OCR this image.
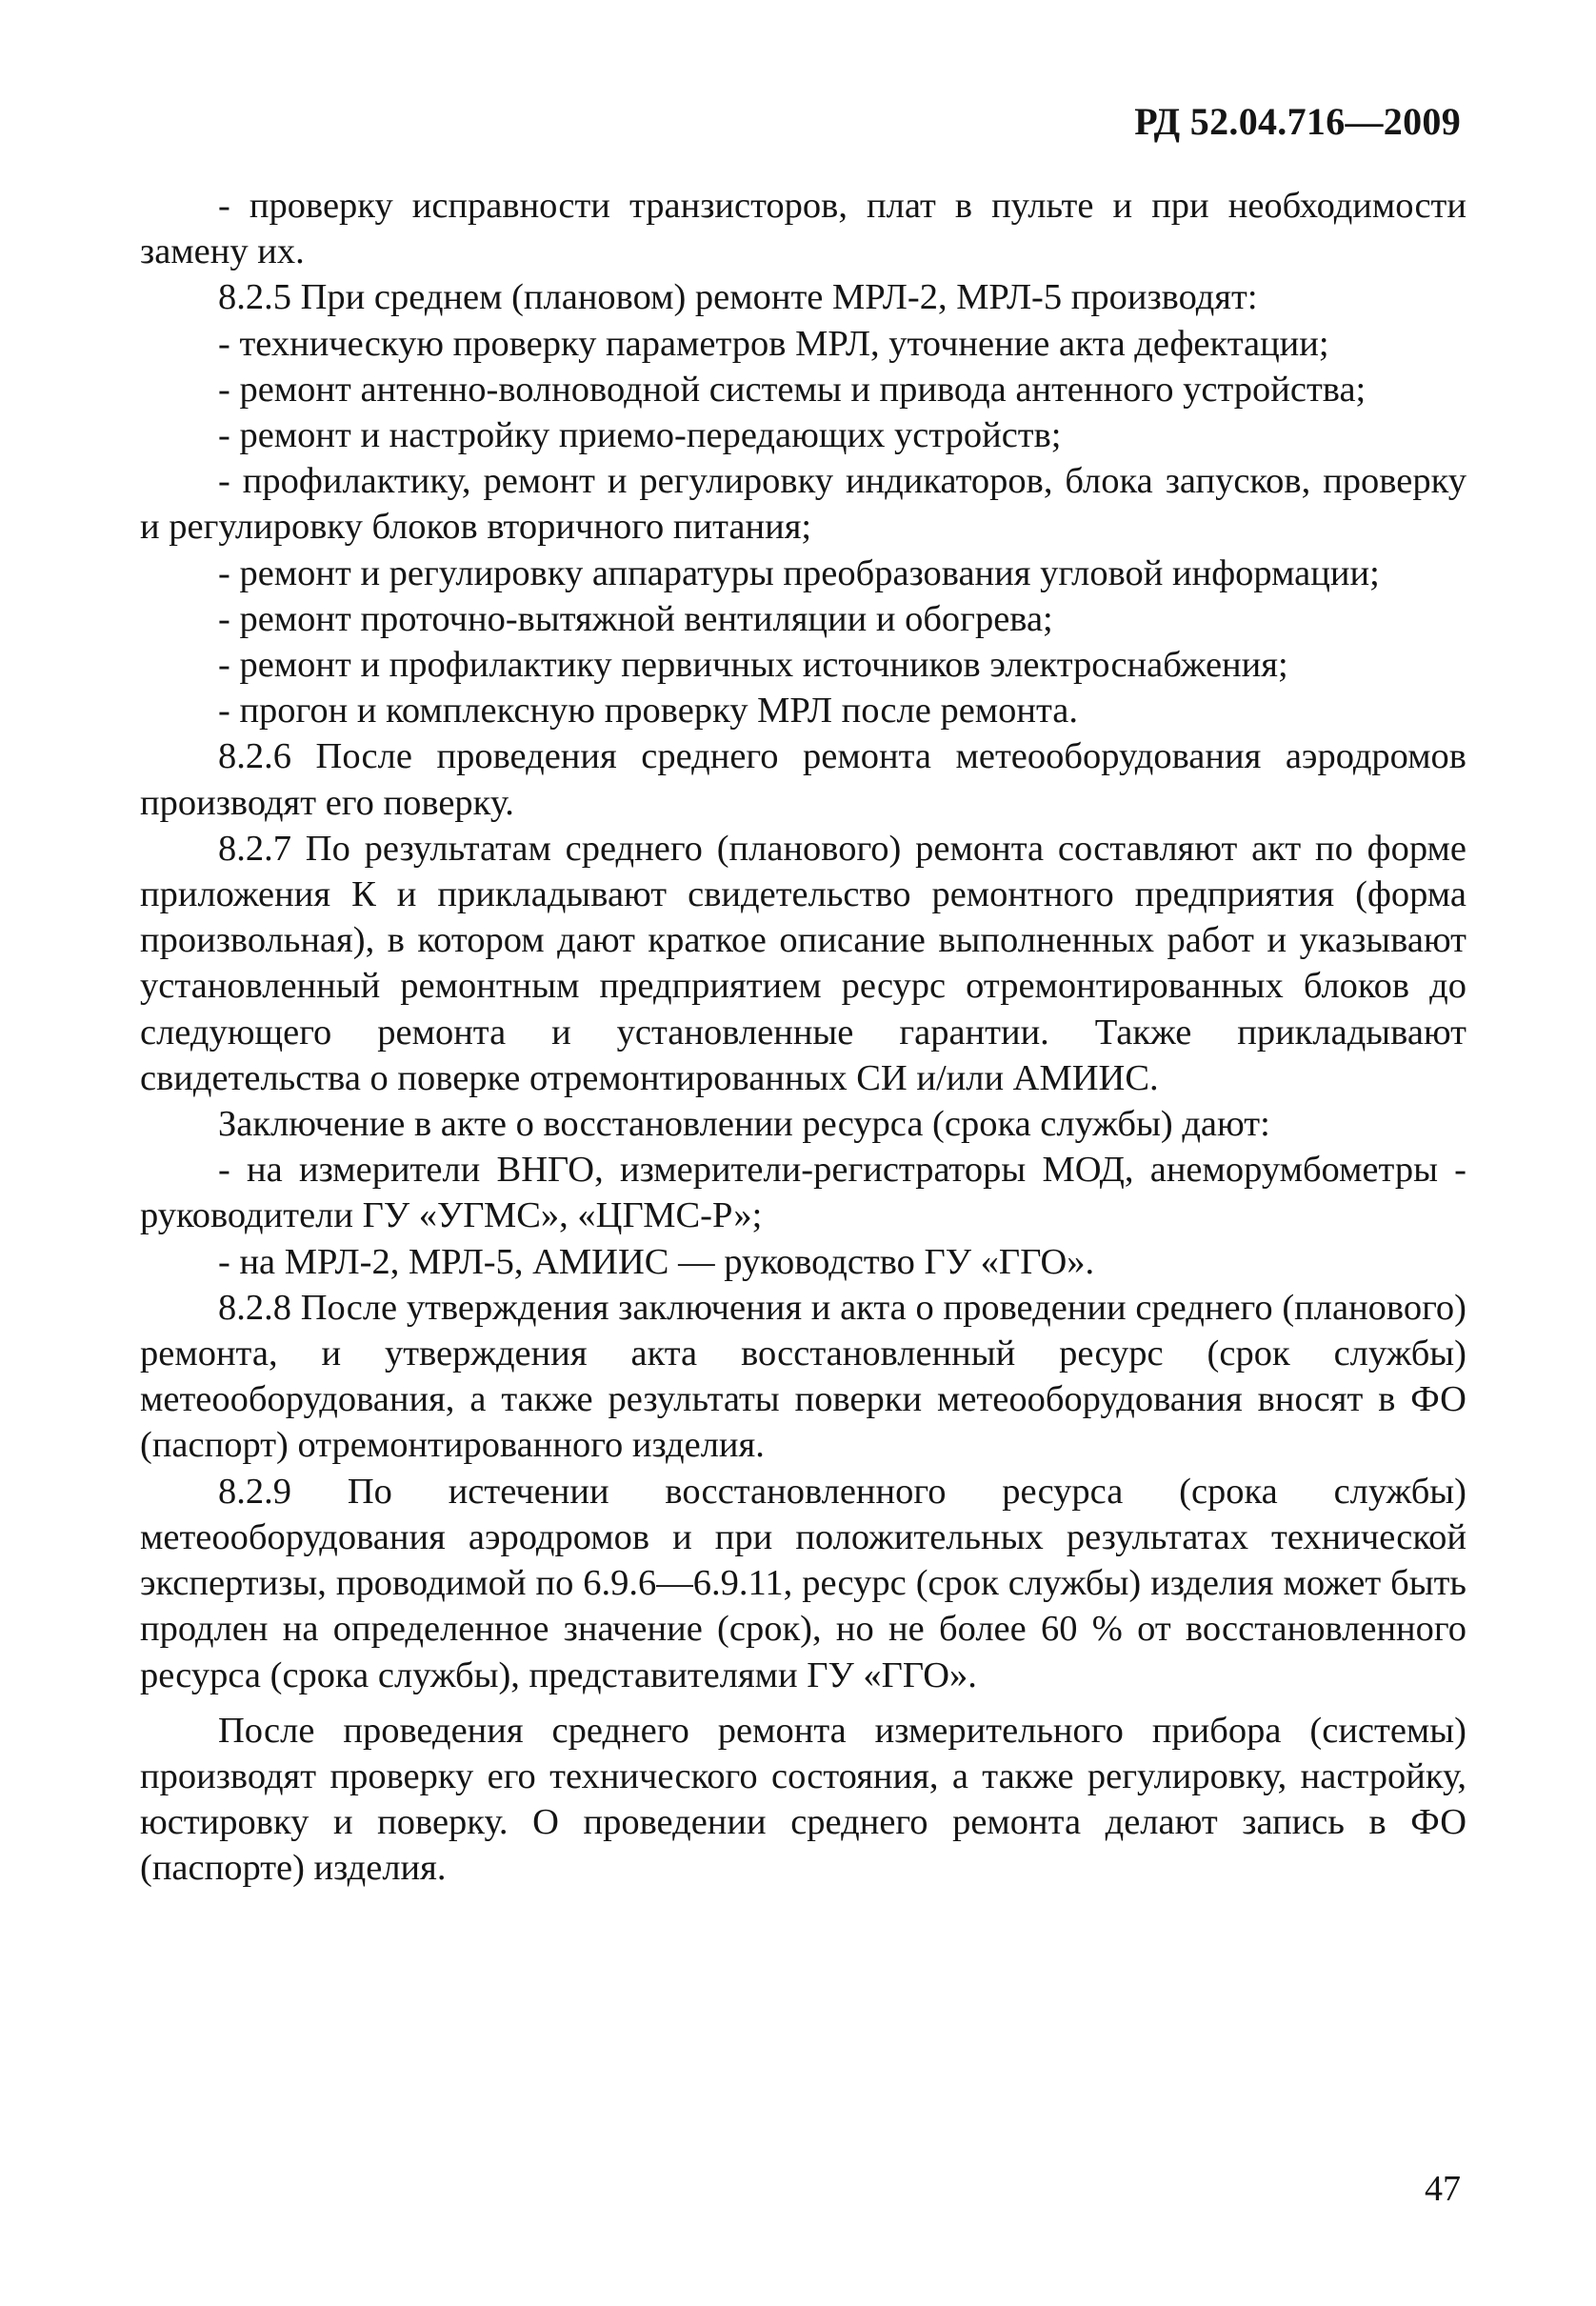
РД 52.04.716—2009

- проверку исправности транзисторов, плат в пульте и при необходимости замену их.

8.2.5 При среднем (плановом) ремонте МРЛ-2, МРЛ-5 производят:

- техническую проверку параметров МРЛ, уточнение акта дефектации;

- ремонт антенно-волноводной системы и привода антенного устройства;

- ремонт и настройку приемо-передающих устройств;

- профилактику, ремонт и регулировку индикаторов, блока запусков, проверку и регулировку блоков вторичного питания;

- ремонт и регулировку аппаратуры преобразования угловой информации;

- ремонт проточно-вытяжной вентиляции и обогрева;

- ремонт и профилактику первичных источников электроснабжения;

- прогон и комплексную проверку МРЛ после ремонта.

8.2.6 После проведения среднего ремонта метеооборудования аэродромов производят его поверку.

8.2.7 По результатам среднего (планового) ремонта составляют акт по форме приложения К и прикладывают свидетельство ремонтного предприятия (форма произвольная), в котором дают краткое описание выполненных работ и указывают установленный ремонтным предприятием ресурс отремонтированных блоков до следующего ремонта и установленные гарантии. Также прикладывают свидетельства о поверке отремонтированных СИ и/или АМИИС.

Заключение в акте о восстановлении ресурса (срока службы) дают:

- на измерители ВНГО, измерители-регистраторы МОД, анеморумбометры - руководители ГУ «УГМС», «ЦГМС-Р»;

- на МРЛ-2, МРЛ-5, АМИИС — руководство ГУ «ГГО».

8.2.8 После утверждения заключения и акта о проведении среднего (планового) ремонта, и утверждения акта восстановленный ресурс (срок службы) метеооборудования, а также результаты поверки метеооборудования вносят в ФО (паспорт) отремонтированного изделия.

8.2.9 По истечении восстановленного ресурса (срока службы) метеооборудования аэродромов и при положительных результатах технической экспертизы, проводимой по 6.9.6—6.9.11, ресурс (срок службы) изделия может быть продлен на определенное значение (срок), но не более 60 % от восстановленного ресурса (срока службы), представителями ГУ «ГГО».

После проведения среднего ремонта измерительного прибора (системы) производят проверку его технического состояния, а также регулировку, настройку, юстировку и поверку. О проведении среднего ремонта делают запись в ФО (паспорте) изделия.

47
